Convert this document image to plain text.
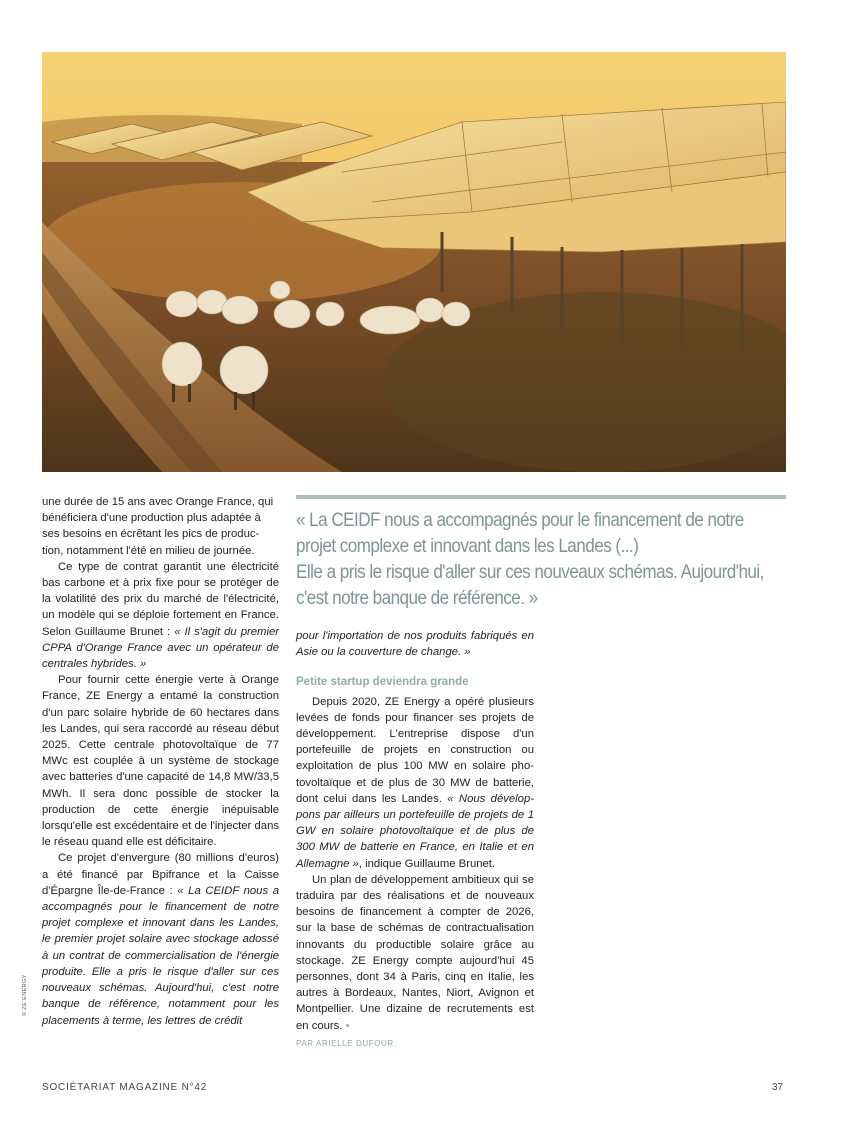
© ZE ENERGY

une durée de 15 ans avec Orange France, qui
bénéficiera d'une production plus adaptée à
ses besoins en écrêtant les pics de produc-
tion, notamment l'été en milieu de journée.

Ce type de contrat garantit une électricité bas carbone et à prix fixe pour se protéger de la volatilité des prix du marché de l'électricité, un modèle qui se déploie fortement en France. Selon Guillaume Brunet : « Il s'agit du premier CPPA d'Orange France avec un opérateur de centrales hybrides. »

Pour fournir cette énergie verte à Orange France, ZE Energy a entamé la construction d'un parc solaire hybride de 60 hectares dans les Landes, qui sera raccordé au réseau début 2025. Cette centrale photovoltaïque de 77 MWc est couplée à un système de stockage avec batteries d'une capacité de 14,8 MW/33,5 MWh. Il sera donc possible de stocker la production de cette énergie inépuisable lorsqu'elle est excédentaire et de l'injecter dans le réseau quand elle est déficitaire.

Ce projet d'envergure (80 millions d'euros) a été financé par Bpifrance et la Caisse d'Épargne Île-de-France : « La CEIDF nous a accompagnés pour le financement de notre projet complexe et innovant dans les Landes, le premier projet solaire avec stockage adossé à un contrat de commercialisation de l'énergie produite. Elle a pris le risque d'aller sur ces nouveaux schémas. Aujourd'hui, c'est notre banque de référence, notamment pour les placements à terme, les lettres de crédit

« La CEIDF nous a accompagnés pour le financement de notre
projet complexe et innovant dans les Landes (...)
Elle a pris le risque d'aller sur ces nouveaux schémas. Aujourd'hui,
c'est notre banque de référence. »

pour l'importation de nos produits fabriqués en Asie ou la couverture de change. »

Petite startup deviendra grande

Depuis 2020, ZE Energy a opéré plusieurs levées de fonds pour financer ses projets de développement. L'entreprise dispose d'un portefeuille de projets en construction ou exploitation de plus 100 MW en solaire photovoltaïque et de plus de 30 MW de batterie, dont celui dans les Landes. « Nous développons par ailleurs un portefeuille de projets de 1 GW en solaire photovoltaïque et de plus de 300 MW de batterie en France, en Italie et en Allemagne », indique Guillaume Brunet.

Un plan de développement ambitieux qui se traduira par des réalisations et de nouveaux besoins de financement à compter de 2026, sur la base de schémas de contractualisation innovants du productible solaire grâce au stockage. ZE Energy compte aujourd'hui 45 personnes, dont 34 à Paris, cinq en Italie, les autres à Bordeaux, Nantes, Niort, Avignon et Montpellier. Une dizaine de recrutements est en cours. •

PAR ARIELLE DUFOUR

SOCIÉTARIAT MAGAZINE N°42	37
